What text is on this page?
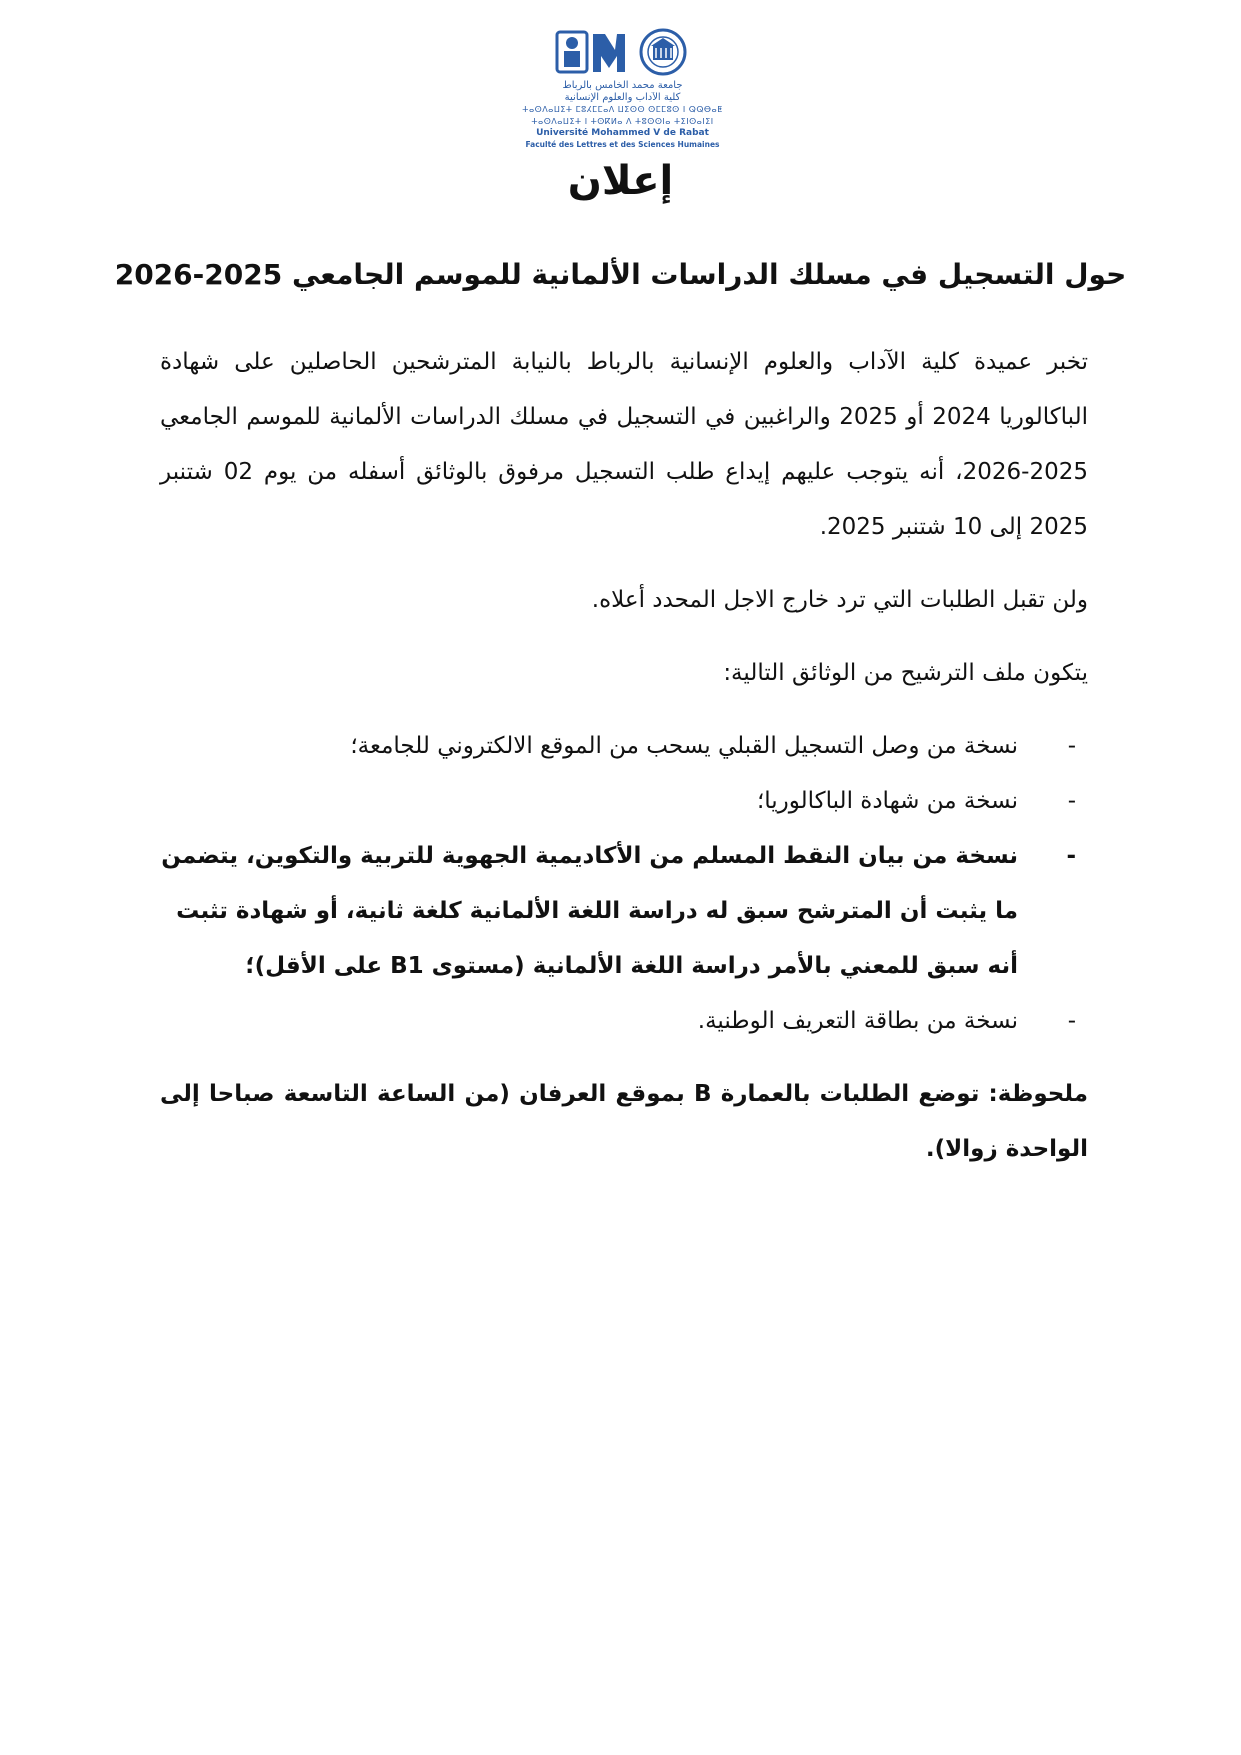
جامعة محمد الخامس بالرباط
كلية الآداب والعلوم الإنسانية
ⵜⴰⵙⴷⴰⵡⵉⵜ ⵎⵓⵃⵎⵎⴰⴷ ⵡⵉⵙⵙ ⵙⵎⵎⵓⵙ ⵏ ⵕⵕⴱⴰⵟ
ⵜⴰⵙⴷⴰⵡⵉⵜ ⵏ ⵜⵙⴽⵍⴰ ⴷ ⵜⵓⵙⵙⵏⴰ ⵜⵉⵏⵙⴰⵏⵉⵏ
Université Mohammed V de Rabat
Faculté des Lettres et des Sciences Humaines
إعلان
حول التسجيل في مسلك الدراسات الألمانية للموسم الجامعي 2025-2026

تخبر عميدة كلية الآداب والعلوم الإنسانية بالرباط بالنيابة المترشحين الحاصلين على شهادة الباكالوريا 2024 أو 2025 والراغبين في التسجيل في مسلك الدراسات الألمانية للموسم الجامعي 2025-2026، أنه يتوجب عليهم إيداع طلب التسجيل مرفوق بالوثائق أسفله من يوم 02 شتنبر 2025 إلى 10 شتنبر 2025.

ولن تقبل الطلبات التي ترد خارج الاجل المحدد أعلاه.

يتكون ملف الترشيح من الوثائق التالية:

-
نسخة من وصل التسجيل القبلي يسحب من الموقع الالكتروني للجامعة؛
-
نسخة من شهادة الباكالوريا؛
-
نسخة من بيان النقط المسلم من الأكاديمية الجهوية للتربية والتكوين، يتضمن ما يثبت أن المترشح سبق له دراسة اللغة الألمانية كلغة ثانية، أو شهادة تثبت أنه سبق للمعني بالأمر دراسة اللغة الألمانية (مستوى B1 على الأقل)؛
-
نسخة من بطاقة التعريف الوطنية.

ملحوظة: توضع الطلبات بالعمارة B بموقع العرفان (من الساعة التاسعة صباحا إلى الواحدة زوالا).
